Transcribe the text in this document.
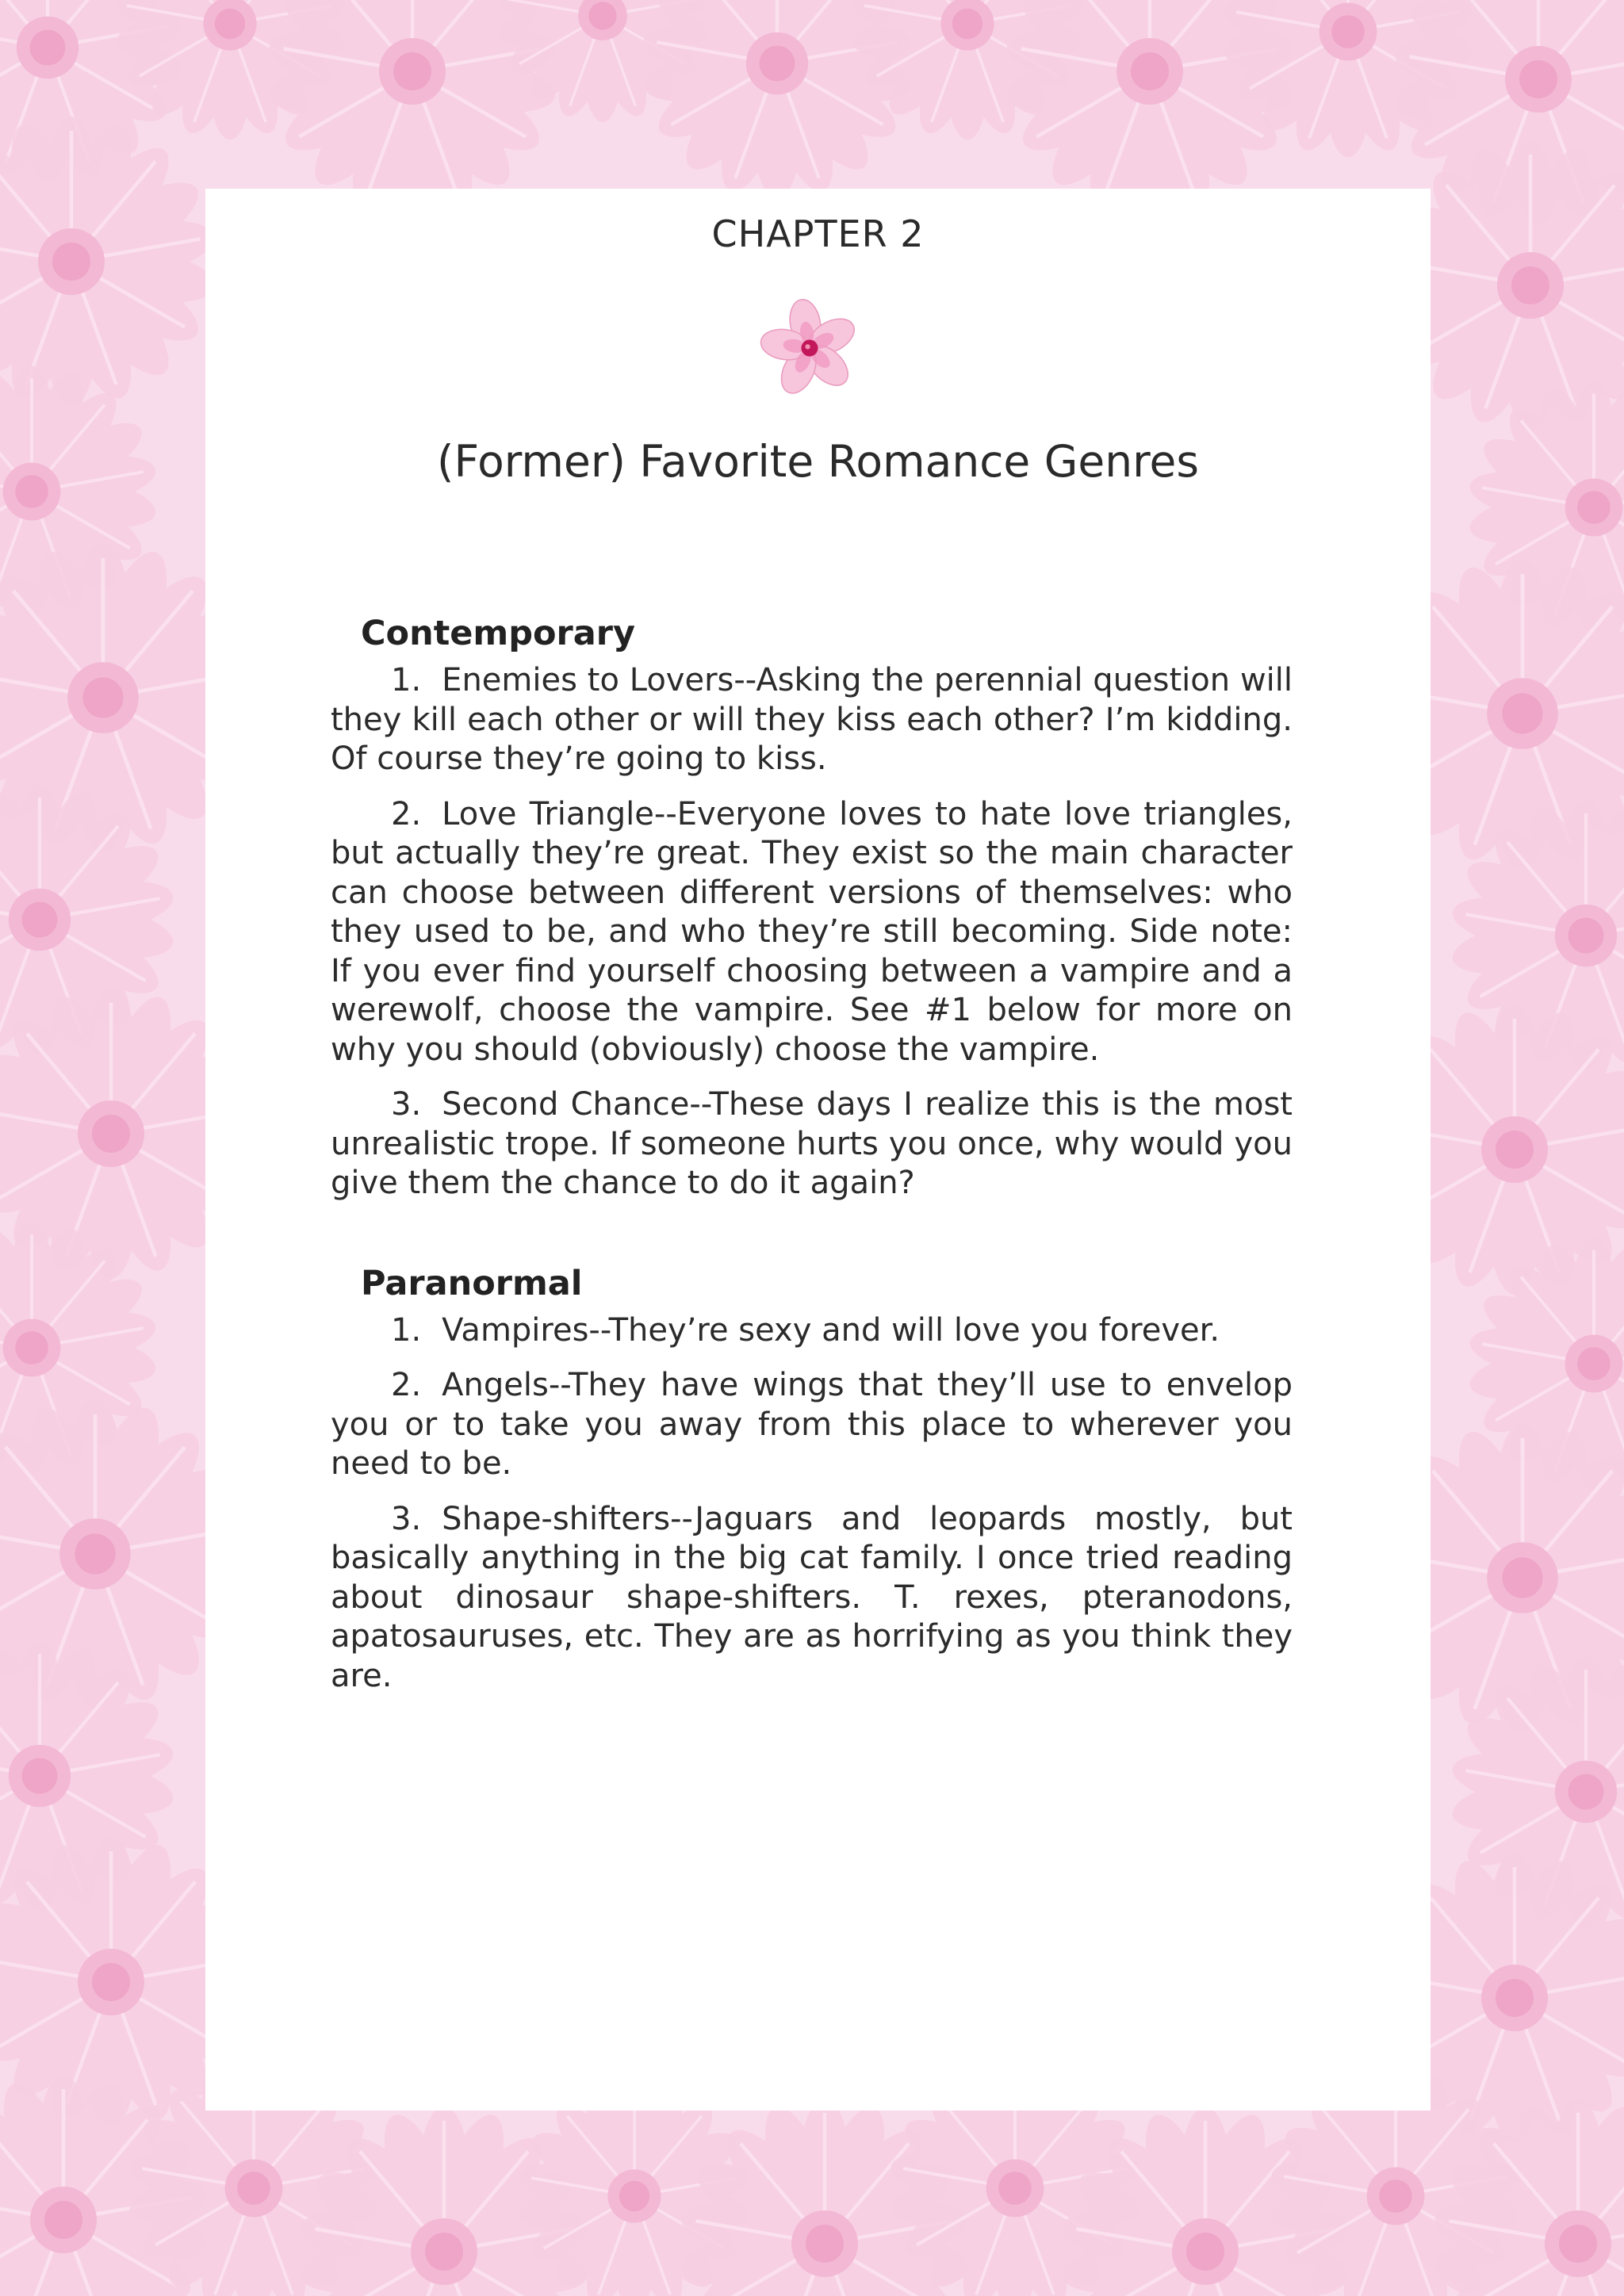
CHAPTER 2
(Former) Favorite Romance Genres
Contemporary

1. Enemies to Lovers--Asking the perennial question will they kill each other or will they kiss each other? I’m kidding. Of course they’re going to kiss.

2. Love Triangle--Everyone loves to hate love triangles, but actually they’re great. They exist so the main character can choose between different versions of themselves: who they used to be, and who they’re still becoming. Side note: If you ever find yourself choosing between a vampire and a werewolf, choose the vampire. See #1 below for more on why you should (obviously) choose the vampire.

3. Second Chance--These days I realize this is the most unrealistic trope. If someone hurts you once, why would you give them the chance to do it again?

Paranormal

1. Vampires--They’re sexy and will love you forever.

2. Angels--They have wings that they’ll use to envelop you or to take you away from this place to wherever you need to be.

3. Shape-shifters--Jaguars and leopards mostly, but basically anything in the big cat family. I once tried reading about dinosaur shape-shifters. T. rexes, pteranodons, apatosauruses, etc. They are as horrifying as you think they are.
